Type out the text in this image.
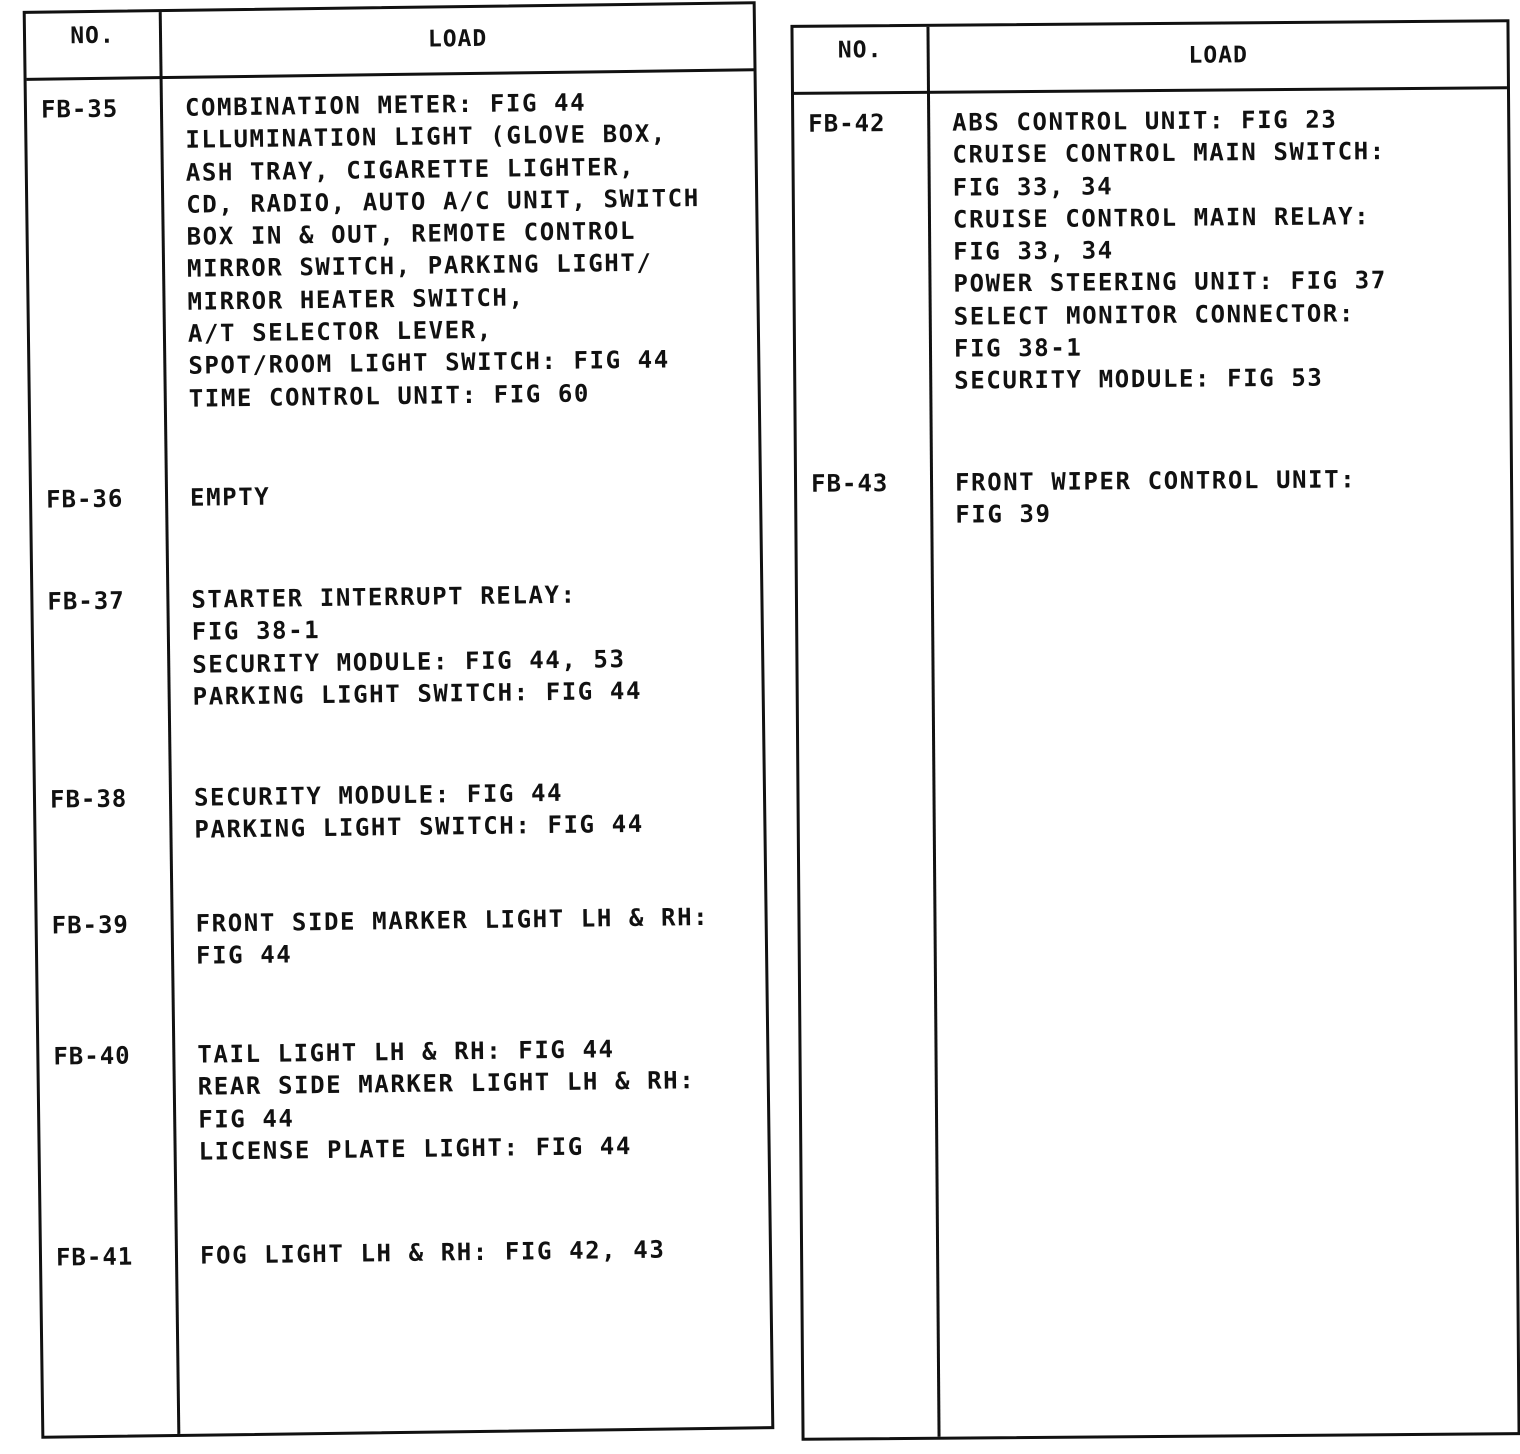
NO.	LOAD
FB-35	COMBINATION METER: FIG 44
ILLUMINATION LIGHT (GLOVE BOX,
ASH TRAY, CIGARETTE LIGHTER,
CD, RADIO, AUTO A/C UNIT, SWITCH
BOX IN & OUT, REMOTE CONTROL
MIRROR SWITCH, PARKING LIGHT/
MIRROR HEATER SWITCH,
A/T SELECTOR LEVER,
SPOT/ROOM LIGHT SWITCH: FIG 44
TIME CONTROL UNIT: FIG 60
FB-36	EMPTY
FB-37	STARTER INTERRUPT RELAY:
FIG 38-1
SECURITY MODULE: FIG 44, 53
PARKING LIGHT SWITCH: FIG 44
FB-38	SECURITY MODULE: FIG 44
PARKING LIGHT SWITCH: FIG 44
FB-39	FRONT SIDE MARKER LIGHT LH & RH:
FIG 44
FB-40	TAIL LIGHT LH & RH: FIG 44
REAR SIDE MARKER LIGHT LH & RH:
FIG 44
LICENSE PLATE LIGHT: FIG 44
FB-41	FOG LIGHT LH & RH: FIG 42, 43
NO.	LOAD
FB-42	ABS CONTROL UNIT: FIG 23
CRUISE CONTROL MAIN SWITCH:
FIG 33, 34
CRUISE CONTROL MAIN RELAY:
FIG 33, 34
POWER STEERING UNIT: FIG 37
SELECT MONITOR CONNECTOR:
FIG 38-1
SECURITY MODULE: FIG 53
FB-43	FRONT WIPER CONTROL UNIT:
FIG 39
